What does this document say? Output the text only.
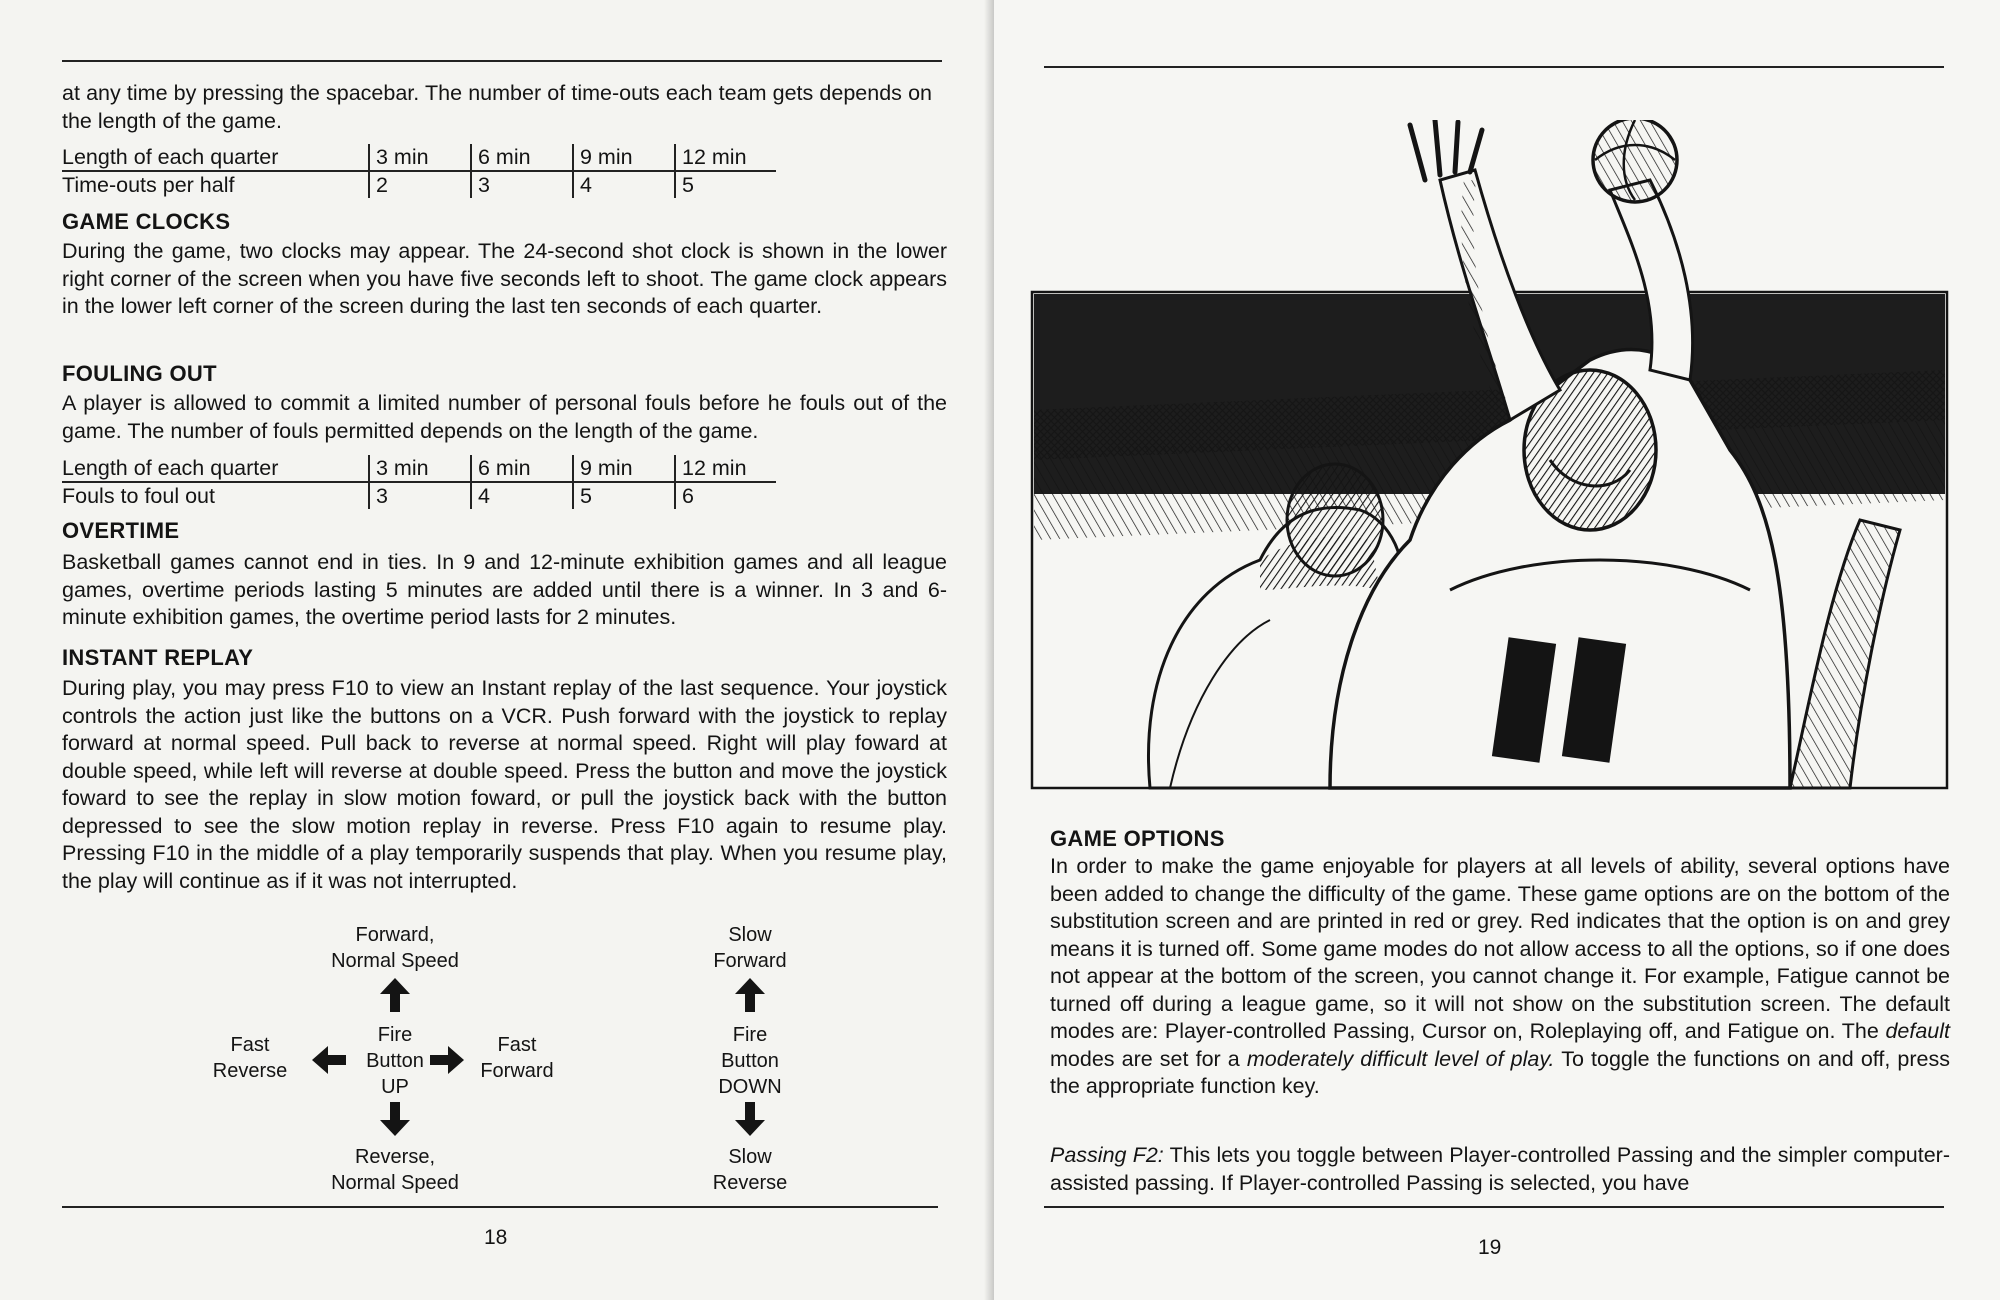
at any time by pressing the spacebar. The number of time-outs each team gets depends on the length of the game.

Length of each quarter	3 min	6 min	9 min	12 min
Time-outs per half	2	3	4	5
GAME CLOCKS

During the game, two clocks may appear. The 24-second shot clock is shown in the lower right corner of the screen when you have five seconds left to shoot. The game clock appears in the lower left corner of the screen during the last ten seconds of each quarter.

FOULING OUT

A player is allowed to commit a limited number of personal fouls before he fouls out of the game. The number of fouls permitted depends on the length of the game.

Length of each quarter	3 min	6 min	9 min	12 min
Fouls to foul out	3	4	5	6
OVERTIME

Basketball games cannot end in ties. In 9 and 12-minute exhibition games and all league games, overtime periods lasting 5 minutes are added until there is a winner. In 3 and 6-minute exhibition games, the overtime period lasts for 2 minutes.

INSTANT REPLAY

During play, you may press F10 to view an Instant replay of the last sequence. Your joystick controls the action just like the buttons on a VCR. Push forward with the joystick to replay forward at normal speed. Pull back to reverse at normal speed. Right will play foward at double speed, while left will reverse at double speed. Press the button and move the joystick foward to see the replay in slow motion foward, or pull the joystick back with the button depressed to see the slow motion replay in reverse. Press F10 again to resume play. Pressing F10 in the middle of a play temporarily suspends that play. When you resume play, the play will continue as if it was not interrupted.

Forward,
Normal Speed
Fire
Button
UP
Fast
Reverse
Fast
Forward
Reverse,
Normal Speed
Slow
Forward
Fire
Button
DOWN
Slow
Reverse
18
GAME OPTIONS
In order to make the game enjoyable for players at all levels of ability, several options have been added to change the difficulty of the game. These game options are on the bottom of the substitution screen and are printed in red or grey. Red indicates that the option is on and grey means it is turned off. Some game modes do not allow access to all the options, so if one does not appear at the bottom of the screen, you cannot change it. For example, Fatigue cannot be turned off during a league game, so it will not show on the substitution screen. The default modes are: Player-controlled Passing, Cursor on, Roleplaying off, and Fatigue on. The default modes are set for a moderately difficult level of play. To toggle the functions on and off, press the appropriate function key.
Passing F2: This lets you toggle between Player-controlled Passing and the simpler computer-assisted passing. If Player-controlled Passing is selected, you have
19
